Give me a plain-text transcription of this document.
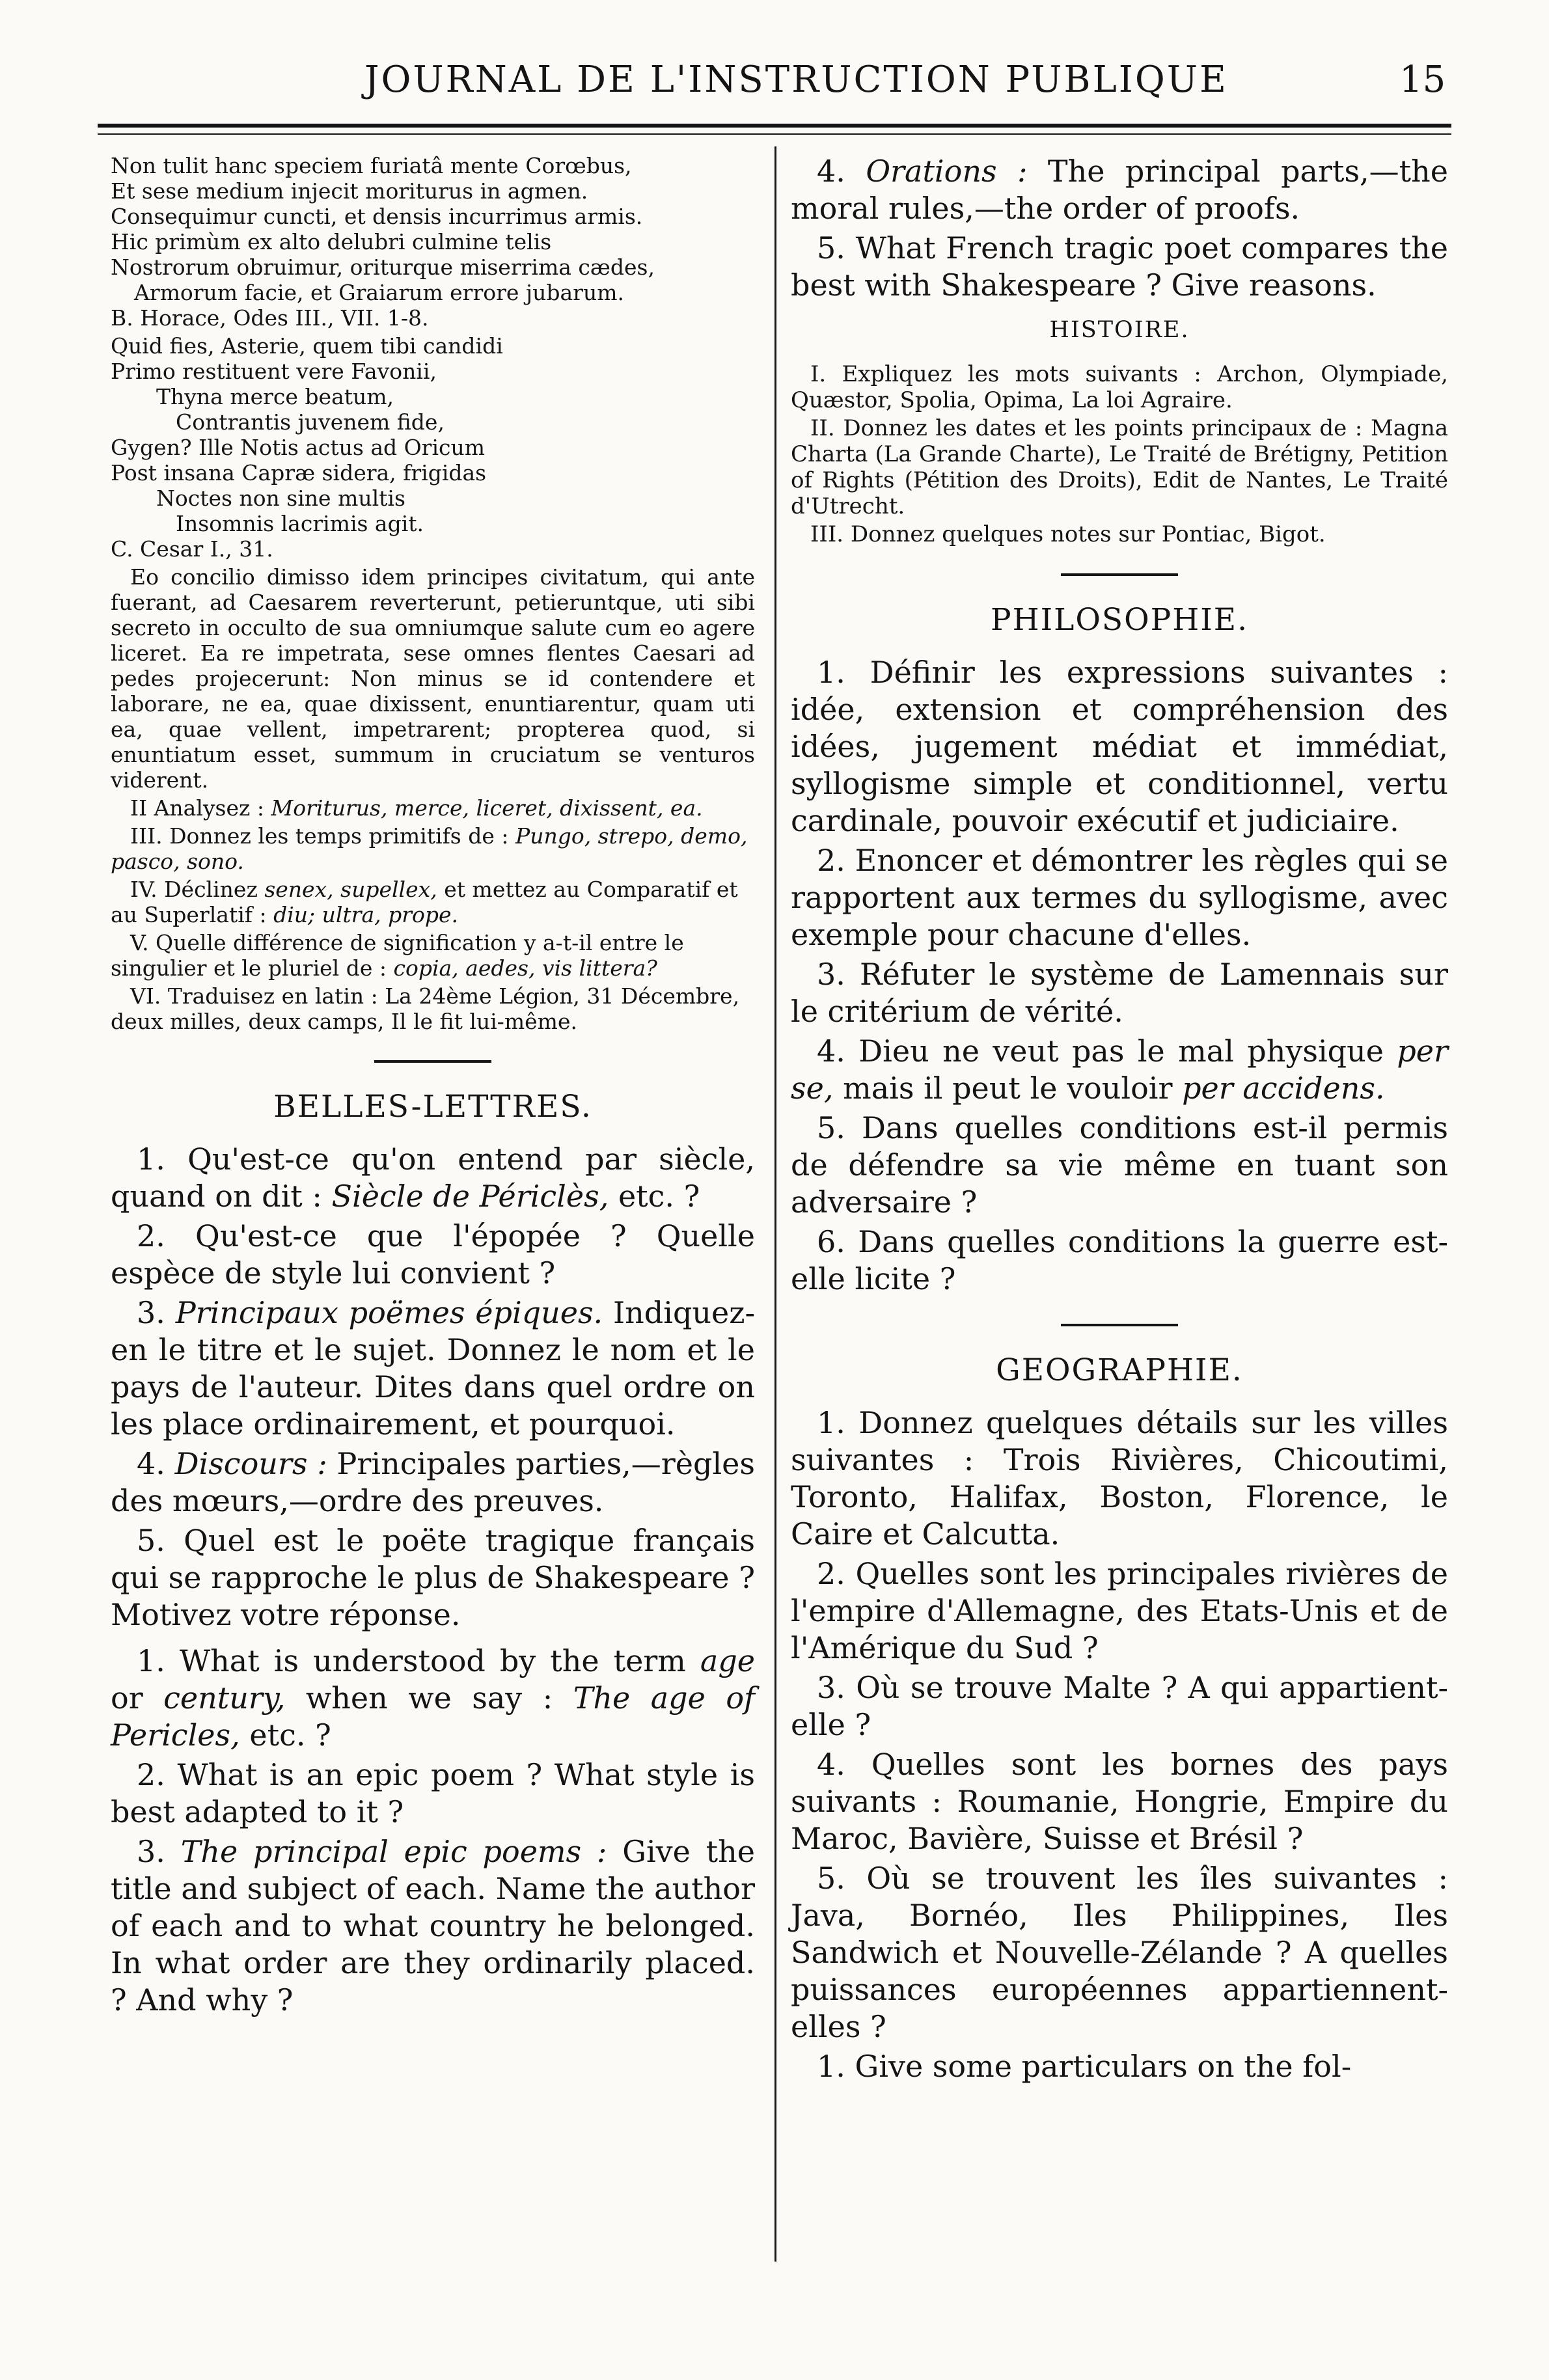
JOURNAL DE L'INSTRUCTION PUBLIQUE	15

Non tulit hanc speciem furiatâ mente Corœbus,

Et sese medium injecit moriturus in agmen.

Consequimur cuncti, et densis incurrimus armis.

Hic primùm ex alto delubri culmine telis

Nostrorum obruimur, oriturque miserrima cædes,

Armorum facie, et Graiarum errore jubarum.

B. Horace, Odes III., VII. 1-8.

Quid fies, Asterie, quem tibi candidi

Primo restituent vere Favonii,

Thyna merce beatum,

Contrantis juvenem fide,

Gygen? Ille Notis actus ad Oricum

Post insana Capræ sidera, frigidas

Noctes non sine multis

Insomnis lacrimis agit.

C. Cesar I., 31.

Eo concilio dimisso idem principes civitatum, qui ante fuerant, ad Caesarem reverterunt, petieruntque, uti sibi secreto in occulto de sua omniumque salute cum eo agere liceret. Ea re impetrata, sese omnes flentes Caesari ad pedes projecerunt: Non minus se id contendere et laborare, ne ea, quae dixissent, enuntiarentur, quam uti ea, quae vellent, impetrarent; propterea quod, si enuntiatum esset, summum in cruciatum se venturos viderent.

II Analysez : Moriturus, merce, liceret, dixissent, ea.

III. Donnez les temps primitifs de : Pungo, strepo, demo, pasco, sono.

IV. Déclinez senex, supellex, et mettez au Comparatif et au Superlatif : diu; ultra, prope.

V. Quelle différence de signification y a-t-il entre le singulier et le pluriel de : copia, aedes, vis littera?

VI. Traduisez en latin : La 24ème Légion, 31 Décembre, deux milles, deux camps, Il le fit lui-même.

BELLES-LETTRES.

1. Qu'est-ce qu'on entend par siècle, quand on dit : Siècle de Périclès, etc. ?

2. Qu'est-ce que l'épopée ? Quelle espèce de style lui convient ?

3. Principaux poëmes épiques. Indiquez-en le titre et le sujet. Donnez le nom et le pays de l'auteur. Dites dans quel ordre on les place ordinairement, et pourquoi.

4. Discours : Principales parties,—règles des mœurs,—ordre des preuves.

5. Quel est le poëte tragique français qui se rapproche le plus de Shakespeare ? Motivez votre réponse.

1. What is understood by the term age or century, when we say : The age of Pericles, etc. ?

2. What is an epic poem ? What style is best adapted to it ?

3. The principal epic poems : Give the title and subject of each. Name the author of each and to what country he belonged. In what order are they ordinarily placed. ? And why ?

4. Orations : The principal parts,—the moral rules,—the order of proofs.

5. What French tragic poet compares the best with Shakespeare ? Give reasons.

HISTOIRE.

I. Expliquez les mots suivants : Archon, Olympiade, Quæstor, Spolia, Opima, La loi Agraire.

II. Donnez les dates et les points principaux de : Magna Charta (La Grande Charte), Le Traité de Brétigny, Petition of Rights (Pétition des Droits), Edit de Nantes, Le Traité d'Utrecht.

III. Donnez quelques notes sur Pontiac, Bigot.

PHILOSOPHIE.

1. Définir les expressions suivantes : idée, extension et compréhension des idées, jugement médiat et immédiat, syllogisme simple et conditionnel, vertu cardinale, pouvoir exécutif et judiciaire.

2. Enoncer et démontrer les règles qui se rapportent aux termes du syllogisme, avec exemple pour chacune d'elles.

3. Réfuter le système de Lamennais sur le critérium de vérité.

4. Dieu ne veut pas le mal physique per se, mais il peut le vouloir per accidens.

5. Dans quelles conditions est-il permis de défendre sa vie même en tuant son adversaire ?

6. Dans quelles conditions la guerre est-elle licite ?

GEOGRAPHIE.

1. Donnez quelques détails sur les villes suivantes : Trois Rivières, Chicoutimi, Toronto, Halifax, Boston, Florence, le Caire et Calcutta.

2. Quelles sont les principales rivières de l'empire d'Allemagne, des Etats-Unis et de l'Amérique du Sud ?

3. Où se trouve Malte ? A qui appartient-elle ?

4. Quelles sont les bornes des pays suivants : Roumanie, Hongrie, Empire du Maroc, Bavière, Suisse et Brésil ?

5. Où se trouvent les îles suivantes : Java, Bornéo, Iles Philippines, Iles Sandwich et Nouvelle-Zélande ? A quelles puissances européennes appartiennent-elles ?

1. Give some particulars on the fol-
